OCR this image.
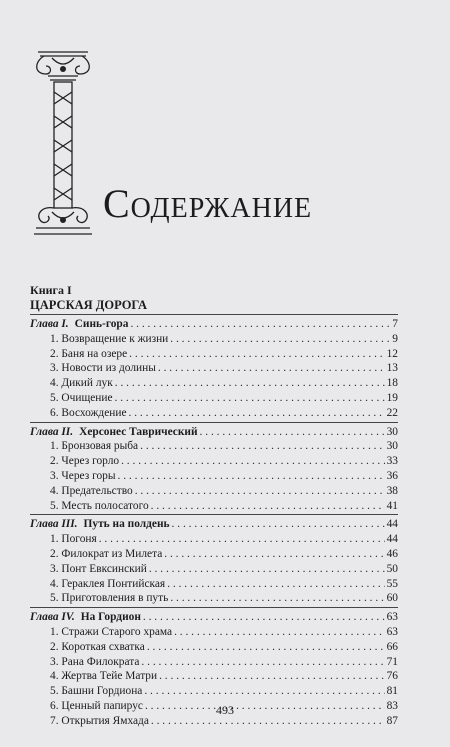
Содержание
Книга I
ЦАРСКАЯ ДОРОГА
Глава I. Синь-гора . . .	7
1. Возвращение к жизни . . .	9
2. Баня на озере . . .	12
3. Новости из долины . . .	13
4. Дикий лук . . .	18
5. Очищение . . .	19
6. Восхождение . . .	22
Глава II. Херсонес Таврический . . .	30
1. Бронзовая рыба . . .	30
2. Через горло . . .	33
3. Через горы . . .	36
4. Предательство . . .	38
5. Месть полосатого . . .	41
Глава III. Путь на полдень . . .	44
1. Погоня . . .	44
2. Филократ из Милета . . .	46
3. Понт Евксинский . . .	50
4. Гераклея Понтийская . . .	55
5. Приготовления в путь . . .	60
Глава IV. На Гордион . . .	63
1. Стражи Старого храма . . .	63
2. Короткая схватка . . .	66
3. Рана Филократа . . .	71
4. Жертва Тейе Матри . . .	76
5. Башни Гордиона . . .	81
6. Ценный папирус . . .	83
7. Открытия Ямхада . . .	87
493
